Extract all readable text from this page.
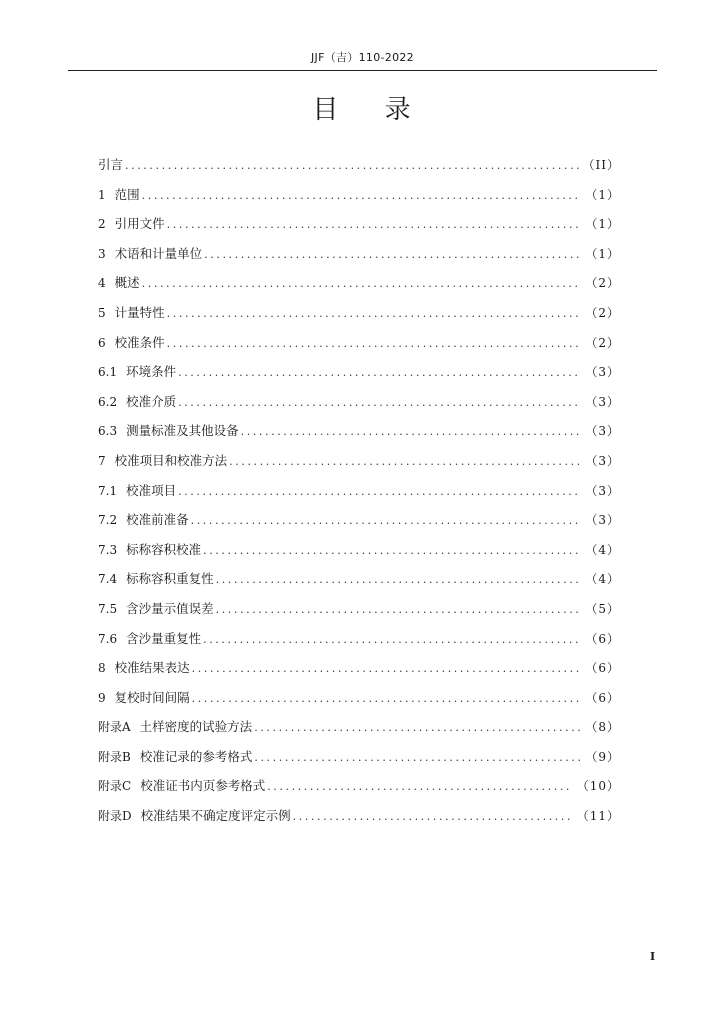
JJF（吉）110-2022
目 录
引言 .....	（II）
1 范围 .....	（1）
2 引用文件 .....	（1）
3 术语和计量单位 .....	（1）
4 概述 .....	（2）
5 计量特性 .....	（2）
6 校准条件 .....	（2）
6.1 环境条件 .....	（3）
6.2 校准介质 .....	（3）
6.3 测量标准及其他设备 .....	（3）
7 校准项目和校准方法 .....	（3）
7.1 校准项目 .....	（3）
7.2 校准前准备 .....	（3）
7.3 标称容积校准 .....	（4）
7.4 标称容积重复性 .....	（4）
7.5 含沙量示值误差 .....	（5）
7.6 含沙量重复性 .....	（6）
8 校准结果表达 .....	（6）
9 复校时间间隔 .....	（6）
附录A 土样密度的试验方法 .....	（8）
附录B 校准记录的参考格式 .....	（9）
附录C 校准证书内页参考格式 .....	（10）
附录D 校准结果不确定度评定示例 .....	（11）
I
